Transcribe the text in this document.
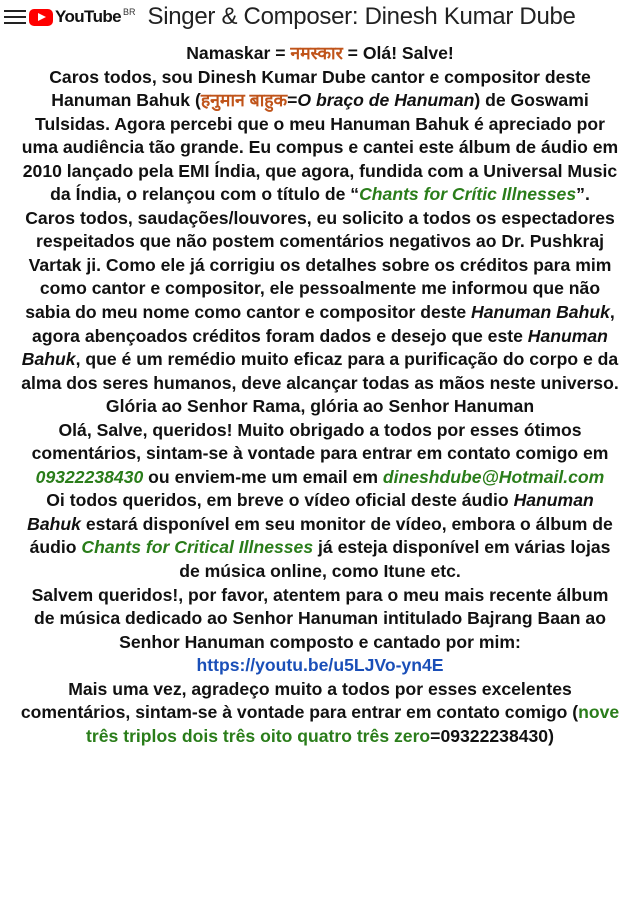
YouTube BR Singer & Composer: Dinesh Kumar Dube

Namaskar = नमस्कार = Olá! Salve!

Caros todos, sou Dinesh Kumar Dube cantor e compositor deste Hanuman Bahuk (हनुमान बाहुक=O braço de Hanuman) de Goswami Tulsidas. Agora percebi que o meu Hanuman Bahuk é apreciado por uma audiência tão grande. Eu compus e cantei este álbum de áudio em 2010 lançado pela EMI Índia, que agora, fundida com a Universal Music da Índia, o relançou com o título de “Chants for Crític Illnesses”.

Caros todos, saudações/louvores, eu solicito a todos os espectadores respeitados que não postem comentários negativos ao Dr. Pushkraj Vartak ji. Como ele já corrigiu os detalhes sobre os créditos para mim como cantor e compositor, ele pessoalmente me informou que não sabia do meu nome como cantor e compositor deste Hanuman Bahuk, agora abençoados créditos foram dados e desejo que este Hanuman Bahuk, que é um remédio muito eficaz para a purificação do corpo e da alma dos seres humanos, deve alcançar todas as mãos neste universo. Glória ao Senhor Rama, glória ao Senhor Hanuman

Olá, Salve, queridos! Muito obrigado a todos por esses ótimos comentários, sintam-se à vontade para entrar em contato comigo em 09322238430 ou enviem-me um email em dineshdube@Hotmail.com

Oi todos queridos, em breve o vídeo oficial deste áudio Hanuman Bahuk estará disponível em seu monitor de vídeo, embora o álbum de áudio Chants for Critical Illnesses já esteja disponível em várias lojas de música online, como Itune etc.

Salvem queridos!, por favor, atentem para o meu mais recente álbum de música dedicado ao Senhor Hanuman intitulado Bajrang Baan ao Senhor Hanuman composto e cantado por mim: https://youtu.be/u5LJVo-yn4E

Mais uma vez, agradeço muito a todos por esses excelentes comentários, sintam-se à vontade para entrar em contato comigo (nove três triplos dois três oito quatro três zero=09322238430)
